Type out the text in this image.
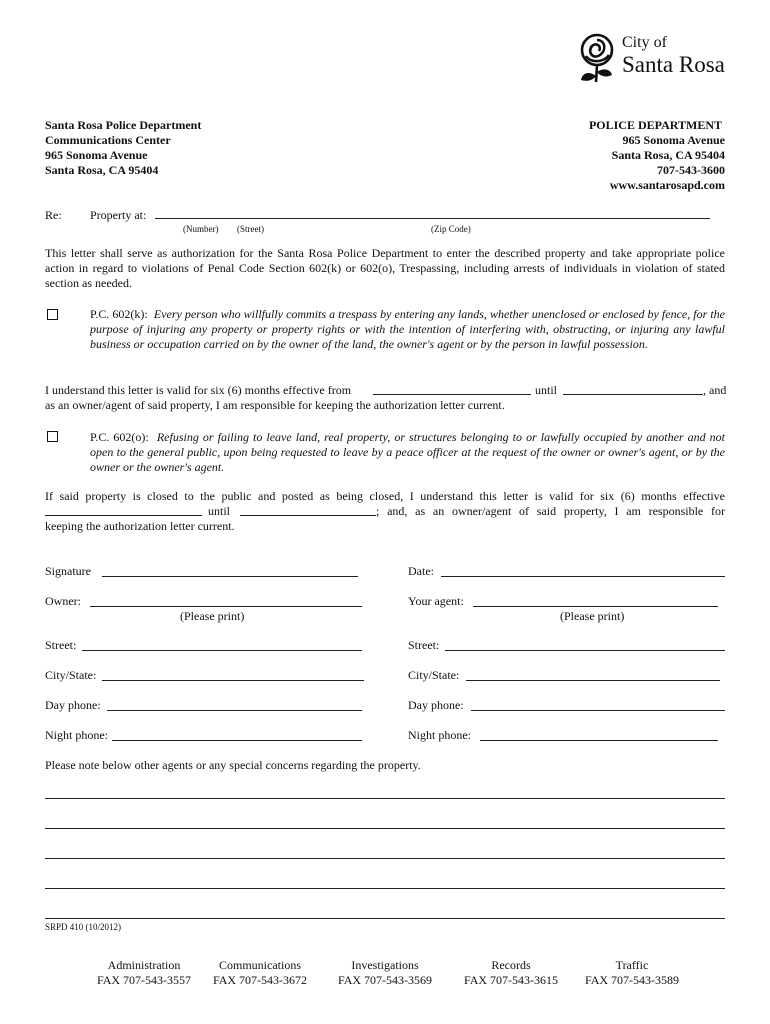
City of
Santa Rosa
Santa Rosa Police Department
Communications Center
965 Sonoma Avenue
Santa Rosa, CA 95404
POLICE DEPARTMENT
965 Sonoma Avenue
Santa Rosa, CA 95404
707-543-3600
www.santarosapd.com
Re: Property at:
(Number) (Street)	(Zip Code)
This letter shall serve as authorization for the Santa Rosa Police Department to enter the described property and take appropriate police action in regard to violations of Penal Code Section 602(k) or 602(o), Trespassing, including arrests of individuals in violation of stated section as needed.
P.C. 602(k): Every person who willfully commits a trespass by entering any lands, whether unenclosed or enclosed by fence, for the purpose of injuring any property or property rights or with the intention of interfering with, obstructing, or injuring any lawful business or occupation carried on by the owner of the land, the owner's agent or by the person in lawful possession.
I understand this letter is valid for six (6) months effective from	until	, and
as an owner/agent of said property, I am responsible for keeping the authorization letter current.
P.C. 602(o): Refusing or failing to leave land, real property, or structures belonging to or lawfully occupied by another and not open to the general public, upon being requested to leave by a peace officer at the request of the owner or owner's agent, or by the owner or the owner's agent.
If said property is closed to the public and posted as being closed, I understand this letter is valid for six (6) months effective
until	; and, as an owner/agent of said property, I am responsible for
keeping the authorization letter current.
Signature	Date:
Owner:
(Please print)
Your agent:
(Please print)
Street:	Street:
City/State:	City/State:
Day phone:	Day phone:
Night phone:	Night phone:
Please note below other agents or any special concerns regarding the property.
SRPD 410 (10/2012)
Administration
FAX 707-543-3557
Communications
FAX 707-543-3672
Investigations
FAX 707-543-3569
Records
FAX 707-543-3615
Traffic
FAX 707-543-3589
